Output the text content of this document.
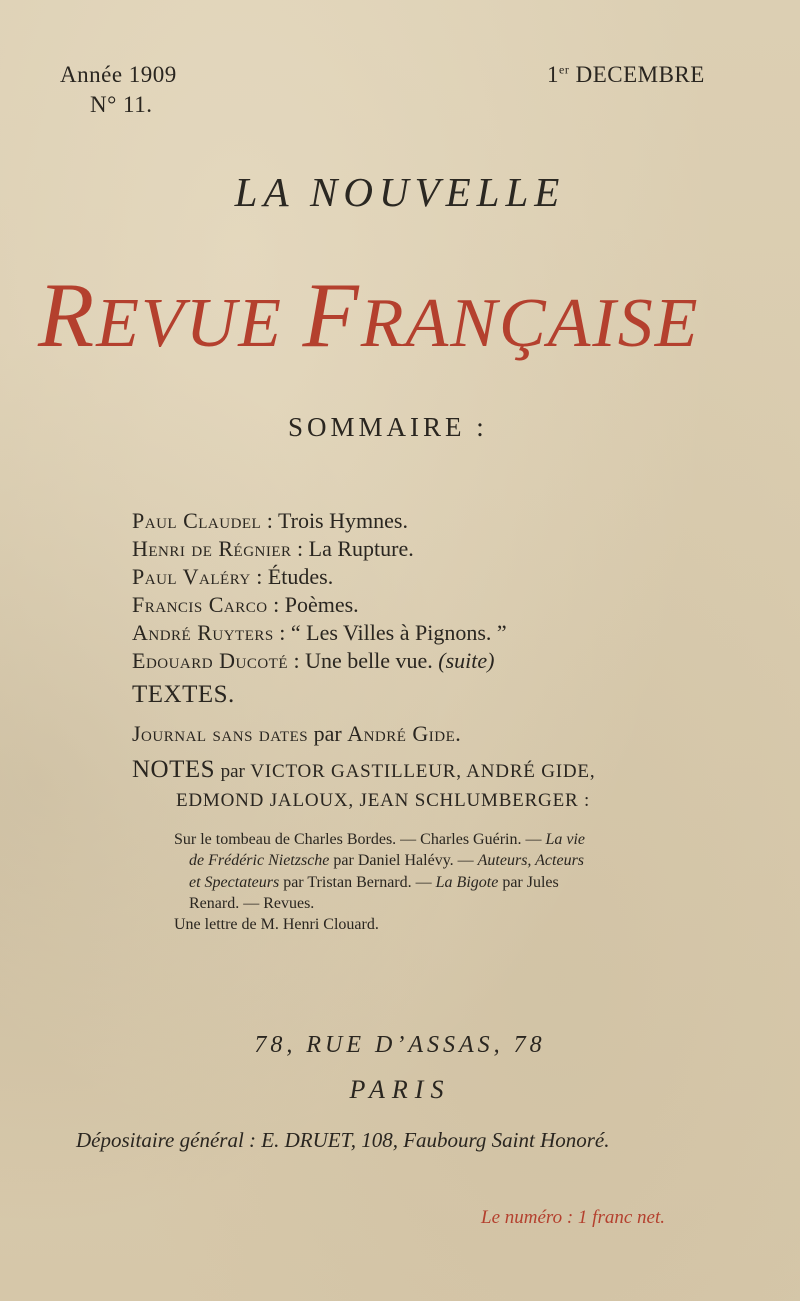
Année 1909
N° 11.
1er DECEMBRE
LA NOUVELLE
REVUE FRANÇAISE
SOMMAIRE :
Paul Claudel : Trois Hymnes.
Henri de Régnier : La Rupture.
Paul Valéry : Études.
Francis Carco : Poèmes.
André Ruyters : “ Les Villes à Pignons. ”
Edouard Ducoté : Une belle vue. (suite)
TEXTES.
Journal sans dates par André Gide.
NOTES par VICTOR GASTILLEUR, ANDRÉ GIDE,
EDMOND JALOUX, JEAN SCHLUMBERGER :
Sur le tombeau de Charles Bordes. — Charles Guérin. — La vie
de Frédéric Nietzsche par Daniel Halévy. — Auteurs, Acteurs
et Spectateurs par Tristan Bernard. — La Bigote par Jules
Renard. — Revues.
Une lettre de M. Henri Clouard.
78, RUE D’ASSAS, 78
PARIS
Dépositaire général : E. DRUET, 108, Faubourg Saint Honoré.
Le numéro : 1 franc net.
